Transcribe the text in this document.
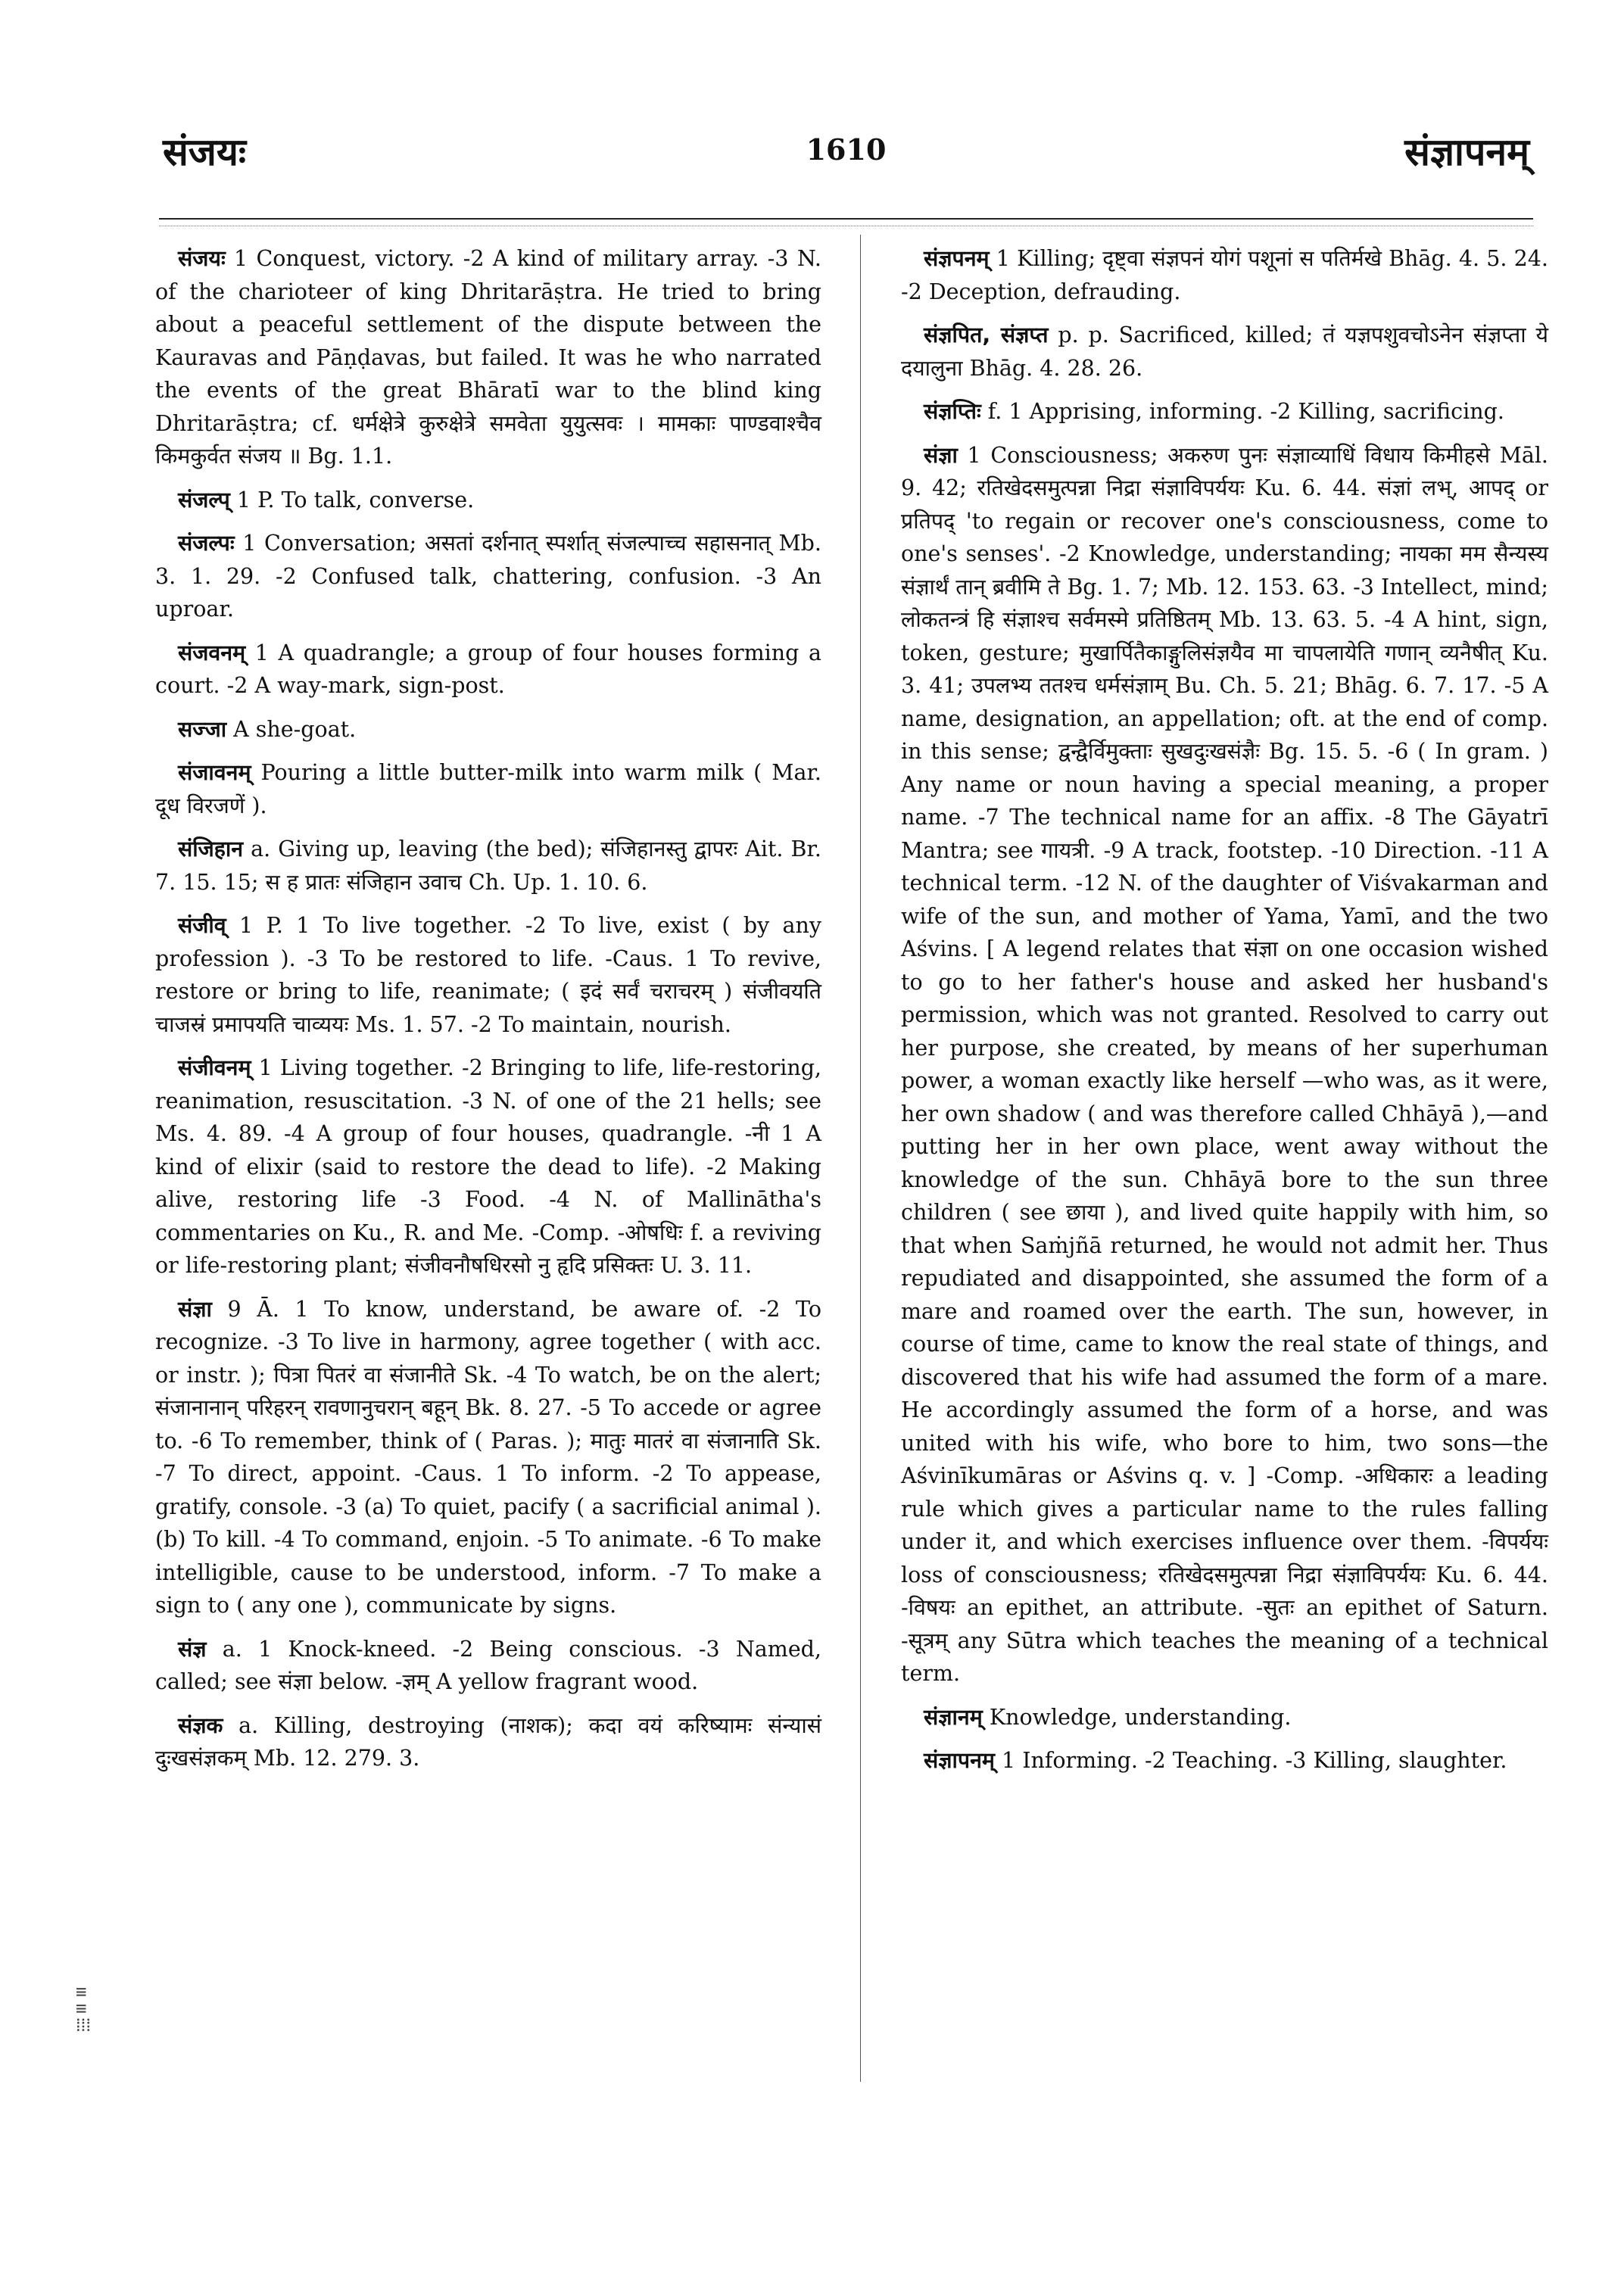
संजयः	1610	संज्ञापनम्

संजयः 1 Conquest, victory. -2 A kind of military array. -3 N. of the charioteer of king Dhritarāṣtra. He tried to bring about a peaceful settlement of the dispute between the Kauravas and Pāṇḍavas, but failed. It was he who narrated the events of the great Bhāratī war to the blind king Dhritarāṣtra; cf. धर्मक्षेत्रे कुरुक्षेत्रे समवेता युयुत्सवः । मामकाः पाण्डवाश्चैव किमकुर्वत संजय ॥ Bg. 1.1.

संजल्प् 1 P. To talk, converse.

संजल्पः 1 Conversation; असतां दर्शनात् स्पर्शात् संजल्पाच्च सहासनात् Mb. 3. 1. 29. -2 Confused talk, chattering, confusion. -3 An uproar.

संजवनम् 1 A quadrangle; a group of four houses forming a court. -2 A way-mark, sign-post.

सज्जा A she-goat.

संजावनम् Pouring a little butter-milk into warm milk ( Mar. दूध विरजणें ).

संजिहान a. Giving up, leaving (the bed); संजिहानस्तु द्वापरः Ait. Br. 7. 15. 15; स ह प्रातः संजिहान उवाच Ch. Up. 1. 10. 6.

संजीव् 1 P. 1 To live together. -2 To live, exist ( by any profession ). -3 To be restored to life. -Caus. 1 To revive, restore or bring to life, reanimate; ( इदं सर्वं चराचरम् ) संजीवयति चाजस्रं प्रमापयति चाव्ययः Ms. 1. 57. -2 To maintain, nourish.

संजीवनम् 1 Living together. -2 Bringing to life, life-restoring, reanimation, resuscitation. -3 N. of one of the 21 hells; see Ms. 4. 89. -4 A group of four houses, quadrangle. -नी 1 A kind of elixir (said to restore the dead to life). -2 Making alive, restoring life -3 Food. -4 N. of Mallinātha's commentaries on Ku., R. and Me. -Comp. -ओषधिः f. a reviving or life-restoring plant; संजीवनौषधिरसो नु हृदि प्रसिक्तः U. 3. 11.

संज्ञा 9 Ā. 1 To know, understand, be aware of. -2 To recognize. -3 To live in harmony, agree together ( with acc. or instr. ); पित्रा पितरं वा संजानीते Sk. -4 To watch, be on the alert; संजानानान् परिहरन् रावणानुचरान् बहून् Bk. 8. 27. -5 To accede or agree to. -6 To remember, think of ( Paras. ); मातुः मातरं वा संजानाति Sk. -7 To direct, appoint. -Caus. 1 To inform. -2 To appease, gratify, console. -3 (a) To quiet, pacify ( a sacrificial animal ). (b) To kill. -4 To command, enjoin. -5 To animate. -6 To make intelligible, cause to be understood, inform. -7 To make a sign to ( any one ), communicate by signs.

संज्ञ a. 1 Knock-kneed. -2 Being conscious. -3 Named, called; see संज्ञा below. -ज्ञम् A yellow fragrant wood.

संज्ञक a. Killing, destroying (नाशक); कदा वयं करिष्यामः संन्यासं दुःखसंज्ञकम् Mb. 12. 279. 3.

संज्ञपनम् 1 Killing; दृष्ट्वा संज्ञपनं योगं पशूनां स पतिर्मखे Bhāg. 4. 5. 24. -2 Deception, defrauding.

संज्ञपित, संज्ञप्त p. p. Sacrificed, killed; तं यज्ञपशुवचोऽनेन संज्ञप्ता ये दयालुना Bhāg. 4. 28. 26.

संज्ञप्तिः f. 1 Apprising, informing. -2 Killing, sacrificing.

संज्ञा 1 Consciousness; अकरुण पुनः संज्ञाव्याधिं विधाय किमीहसे Māl. 9. 42; रतिखेदसमुत्पन्ना निद्रा संज्ञाविपर्ययः Ku. 6. 44. संज्ञां लभ्, आपद् or प्रतिपद् 'to regain or recover one's consciousness, come to one's senses'. -2 Knowledge, understanding; नायका मम सैन्यस्य संज्ञार्थं तान् ब्रवीमि ते Bg. 1. 7; Mb. 12. 153. 63. -3 Intellect, mind; लोकतन्त्रं हि संज्ञाश्च सर्वमस्मे प्रतिष्ठितम् Mb. 13. 63. 5. -4 A hint, sign, token, gesture; मुखार्पितैकाङ्गुलिसंज्ञयैव मा चापलायेति गणान् व्यनैषीत् Ku. 3. 41; उपलभ्य ततश्च धर्मसंज्ञाम् Bu. Ch. 5. 21; Bhāg. 6. 7. 17. -5 A name, designation, an appellation; oft. at the end of comp. in this sense; द्वन्द्वैर्विमुक्ताः सुखदुःखसंज्ञैः Bg. 15. 5. -6 ( In gram. ) Any name or noun having a special meaning, a proper name. -7 The technical name for an affix. -8 The Gāyatrī Mantra; see गायत्री. -9 A track, footstep. -10 Direction. -11 A technical term. -12 N. of the daughter of Viśvakarman and wife of the sun, and mother of Yama, Yamī, and the two Aśvins. [ A legend relates that संज्ञा on one occasion wished to go to her father's house and asked her husband's permission, which was not granted. Resolved to carry out her purpose, she created, by means of her superhuman power, a woman exactly like herself —who was, as it were, her own shadow ( and was therefore called Chhāyā ),—and putting her in her own place, went away without the knowledge of the sun. Chhāyā bore to the sun three children ( see छाया ), and lived quite happily with him, so that when Saṁjñā returned, he would not admit her. Thus repudiated and disappointed, she assumed the form of a mare and roamed over the earth. The sun, however, in course of time, came to know the real state of things, and discovered that his wife had assumed the form of a mare. He accordingly assumed the form of a horse, and was united with his wife, who bore to him, two sons—the Aśvinīkumāras or Aśvins q. v. ] -Comp. -अधिकारः a leading rule which gives a particular name to the rules falling under it, and which exercises influence over them. -विपर्ययः loss of consciousness; रतिखेदसमुत्पन्ना निद्रा संज्ञाविपर्ययः Ku. 6. 44. -विषयः an epithet, an attribute. -सुतः an epithet of Saturn. -सूत्रम् any Sūtra which teaches the meaning of a technical term.

संज्ञानम् Knowledge, understanding.

संज्ञापनम् 1 Informing. -2 Teaching. -3 Killing, slaughter.

≡
≡
⁞⁞⁞
